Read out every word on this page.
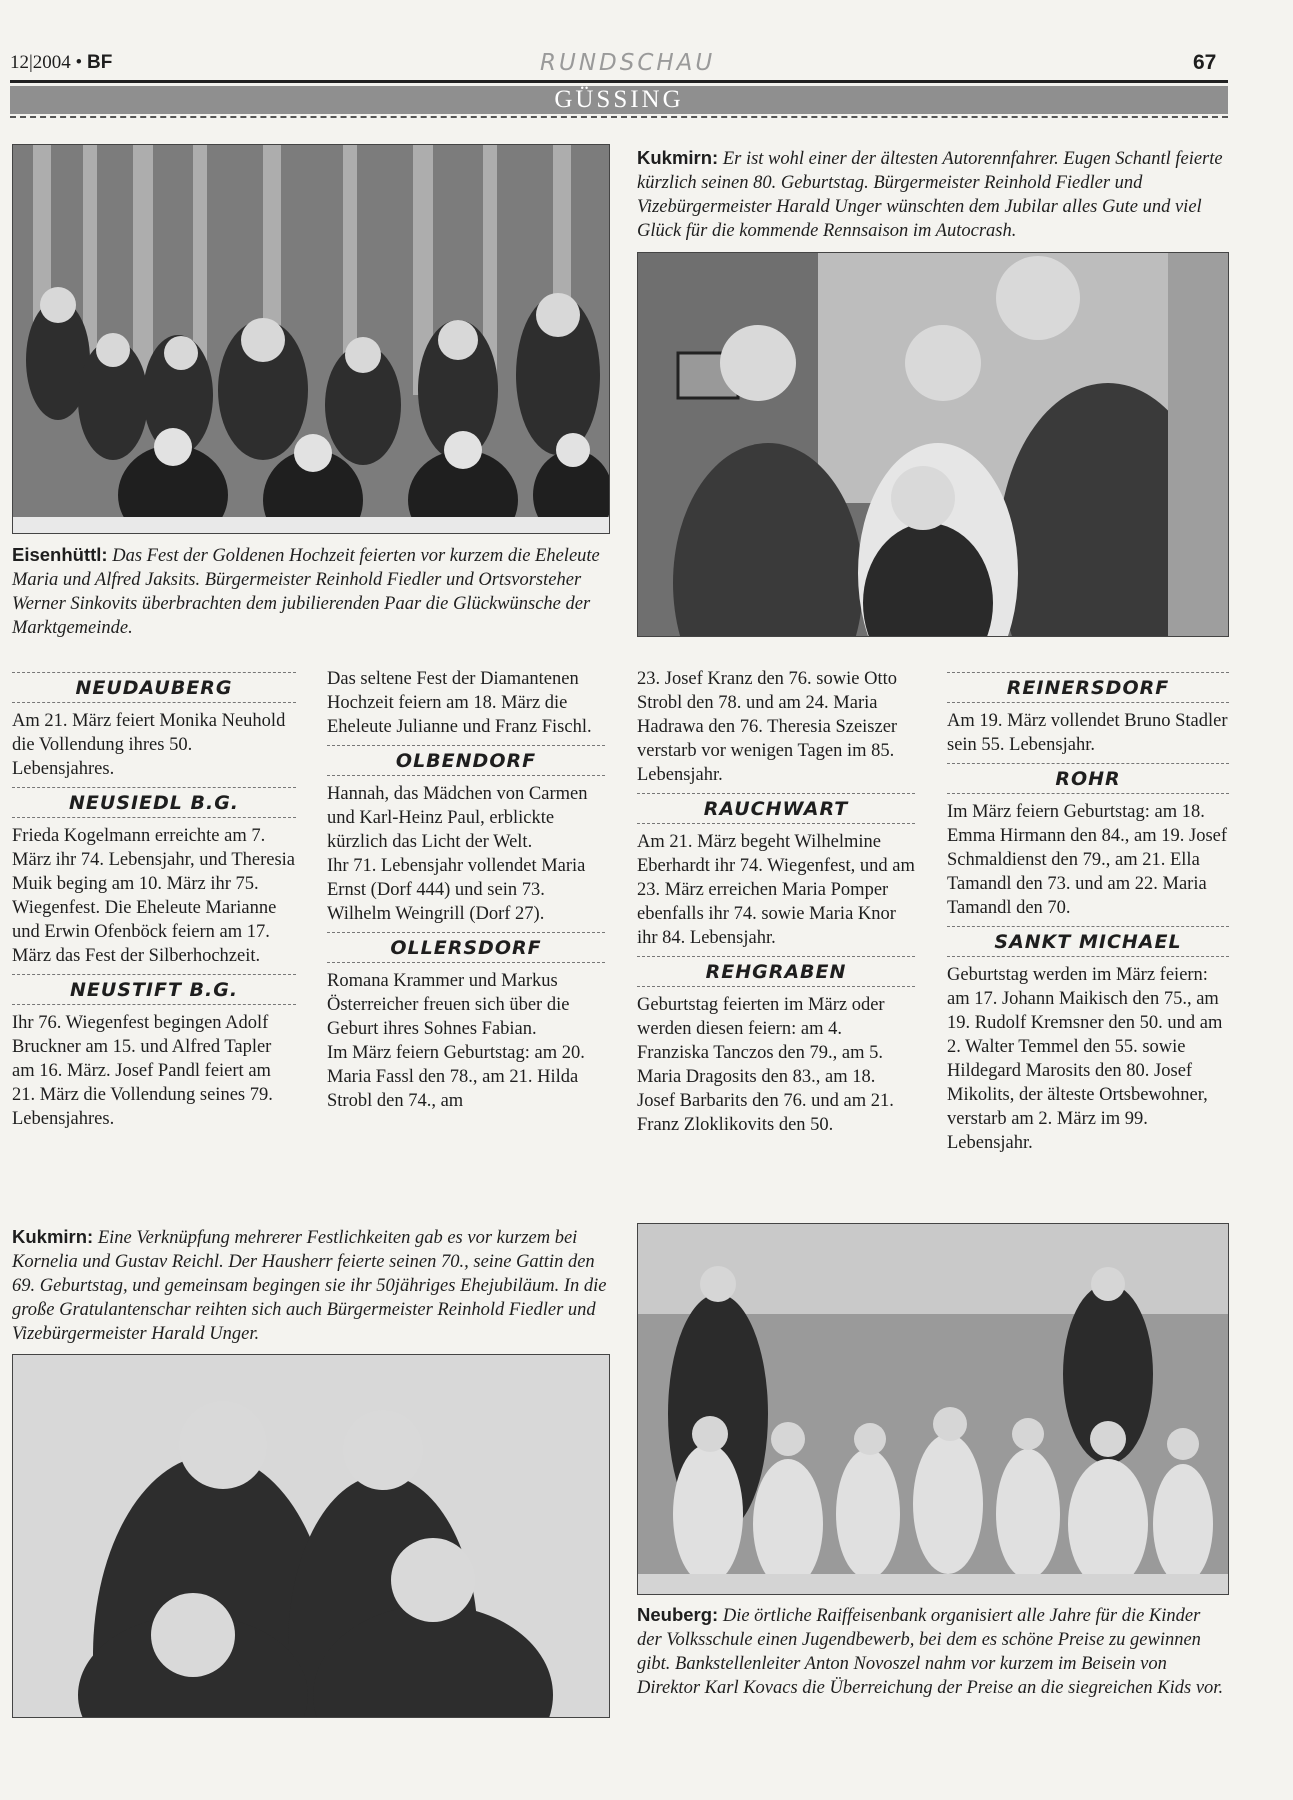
12|2004 • BF	RUNDSCHAU	67
GÜSSING
Eisenhüttl: Das Fest der Goldenen Hochzeit feierten vor kurzem die Eheleute Maria und Alfred Jaksits. Bürgermeister Reinhold Fiedler und Ortsvorsteher Werner Sinkovits überbrachten dem jubilierenden Paar die Glückwünsche der Marktgemeinde.
Kukmirn: Er ist wohl einer der ältesten Autorennfahrer. Eugen Schantl feierte kürzlich seinen 80. Geburtstag. Bürgermeister Reinhold Fiedler und Vizebürgermeister Harald Unger wünschten dem Jubilar alles Gute und viel Glück für die kommende Rennsaison im Autocrash.
NEUDAUBERG

Am 21. März feiert Monika Neuhold die Vollendung ihres 50. Lebensjahres.

NEUSIEDL B.G.

Frieda Kogelmann erreichte am 7. März ihr 74. Lebensjahr, und Theresia Muik beging am 10. März ihr 75. Wiegenfest. Die Eheleute Marianne und Erwin Ofenböck feiern am 17. März das Fest der Silberhochzeit.

NEUSTIFT B.G.

Ihr 76. Wiegenfest begingen Adolf Bruckner am 15. und Alfred Tapler am 16. März. Josef Pandl feiert am 21. März die Vollendung seines 79. Lebensjahres.

Das seltene Fest der Diamantenen Hochzeit feiern am 18. März die Eheleute Julianne und Franz Fischl.

OLBENDORF

Hannah, das Mädchen von Carmen und Karl-Heinz Paul, erblickte kürzlich das Licht der Welt.

Ihr 71. Lebensjahr vollendet Maria Ernst (Dorf 444) und sein 73. Wilhelm Weingrill (Dorf 27).

OLLERSDORF

Romana Krammer und Markus Österreicher freuen sich über die Geburt ihres Sohnes Fabian.

Im März feiern Geburtstag: am 20. Maria Fassl den 78., am 21. Hilda Strobl den 74., am

23. Josef Kranz den 76. sowie Otto Strobl den 78. und am 24. Maria Hadrawa den 76. Theresia Szeiszer verstarb vor wenigen Tagen im 85. Lebensjahr.

RAUCHWART

Am 21. März begeht Wilhelmine Eberhardt ihr 74. Wiegenfest, und am 23. März erreichen Maria Pomper ebenfalls ihr 74. sowie Maria Knor ihr 84. Lebensjahr.

REHGRABEN

Geburtstag feierten im März oder werden diesen feiern: am 4. Franziska Tanczos den 79., am 5. Maria Dragosits den 83., am 18. Josef Barbarits den 76. und am 21. Franz Zloklikovits den 50.

REINERSDORF

Am 19. März vollendet Bruno Stadler sein 55. Lebensjahr.

ROHR

Im März feiern Geburtstag: am 18. Emma Hirmann den 84., am 19. Josef Schmaldienst den 79., am 21. Ella Tamandl den 73. und am 22. Maria Tamandl den 70.

SANKT MICHAEL

Geburtstag werden im März feiern: am 17. Johann Maikisch den 75., am 19. Rudolf Kremsner den 50. und am 2. Walter Temmel den 55. sowie Hildegard Marosits den 80. Josef Mikolits, der älteste Ortsbewohner, verstarb am 2. März im 99. Lebensjahr.

Kukmirn: Eine Verknüpfung mehrerer Festlichkeiten gab es vor kurzem bei Kornelia und Gustav Reichl. Der Hausherr feierte seinen 70., seine Gattin den 69. Geburtstag, und gemeinsam begingen sie ihr 50jähriges Ehejubiläum. In die große Gratulantenschar reihten sich auch Bürgermeister Reinhold Fiedler und Vizebürgermeister Harald Unger.
Neuberg: Die örtliche Raiffeisenbank organisiert alle Jahre für die Kinder der Volksschule einen Jugendbewerb, bei dem es schöne Preise zu gewinnen gibt. Bankstellenleiter Anton Novoszel nahm vor kurzem im Beisein von Direktor Karl Kovacs die Überreichung der Preise an die siegreichen Kids vor.
